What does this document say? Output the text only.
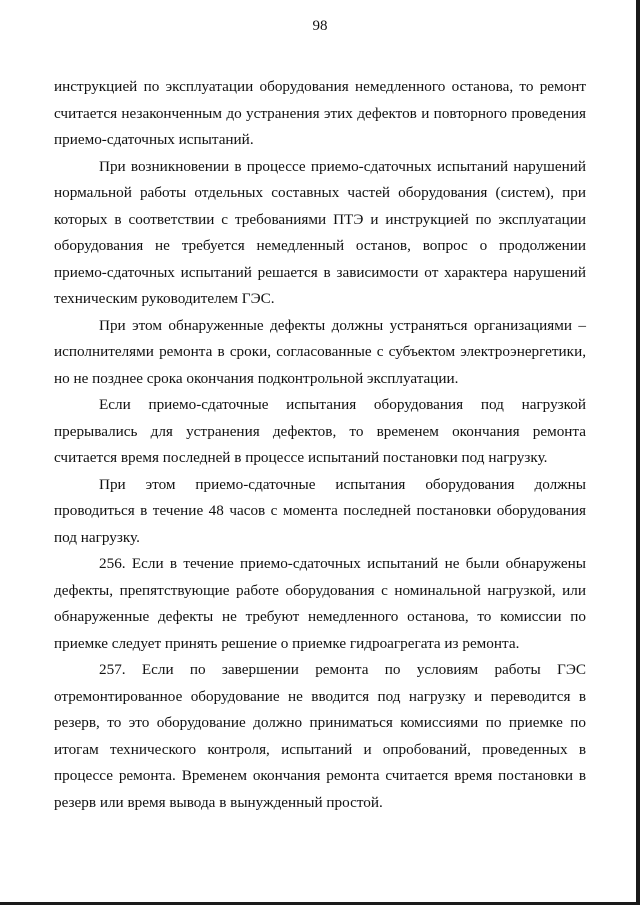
98

инструкцией по эксплуатации оборудования немедленного останова, то ремонт считается незаконченным до устранения этих дефектов и повторного проведения приемо-сдаточных испытаний.

При возникновении в процессе приемо-сдаточных испытаний нарушений нормальной работы отдельных составных частей оборудования (систем), при которых в соответствии с требованиями ПТЭ и инструкцией по эксплуатации оборудования не требуется немедленный останов, вопрос о продолжении приемо-сдаточных испытаний решается в зависимости от характера нарушений техническим руководителем ГЭС.

При этом обнаруженные дефекты должны устраняться организациями – исполнителями ремонта в сроки, согласованные с субъектом электроэнергетики, но не позднее срока окончания подконтрольной эксплуатации.

Если приемо-сдаточные испытания оборудования под нагрузкой прерывались для устранения дефектов, то временем окончания ремонта считается время последней в процессе испытаний постановки под нагрузку.

При этом приемо-сдаточные испытания оборудования должны проводиться в течение 48 часов с момента последней постановки оборудования под нагрузку.

256. Если в течение приемо-сдаточных испытаний не были обнаружены дефекты, препятствующие работе оборудования с номинальной нагрузкой, или обнаруженные дефекты не требуют немедленного останова, то комиссии по приемке следует принять решение о приемке гидроагрегата из ремонта.

257. Если по завершении ремонта по условиям работы ГЭС отремонтированное оборудование не вводится под нагрузку и переводится в резерв, то это оборудование должно приниматься комиссиями по приемке по итогам технического контроля, испытаний и опробований, проведенных в процессе ремонта. Временем окончания ремонта считается время постановки в резерв или время вывода в вынужденный простой.
